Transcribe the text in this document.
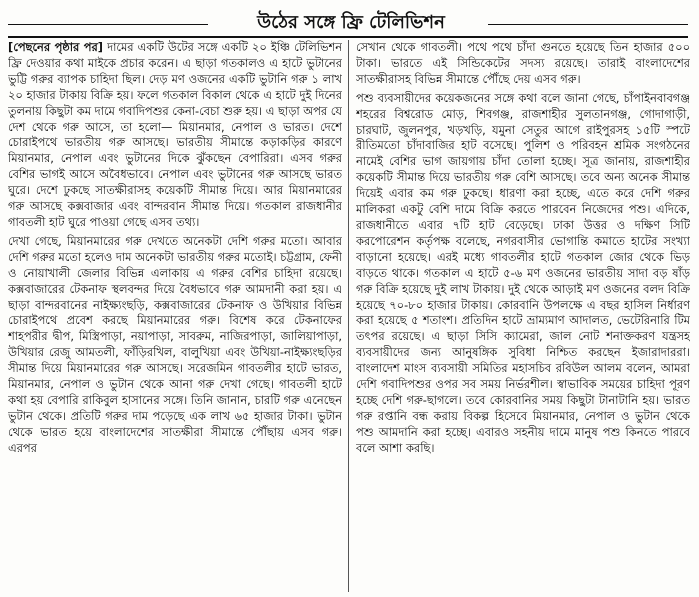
উঠের সঙ্গে ফ্রি টেলিভিশন

[পেছনের পৃষ্ঠার পর] দামের একটি উটের সঙ্গে একটি ২০ ইঞ্চি টেলিভিশন ফ্রি দেওয়ার কথা মাইকে প্রচার করেন। এ ছাড়া গতকালও এ হাটে ভুটানের ভুট্টি গরুর ব্যাপক চাহিদা ছিল। দেড় মণ ওজনের একটি ভুটানি গরু ১ লাখ ২০ হাজার টাকায় বিক্রি হয়। ফলে গতকাল বিকাল থেকে এ হাটে দুই দিনের তুলনায় কিছুটা কম দামে গবাদিপশুর কেনা-বেচা শুরু হয়। এ ছাড়া অপর যে দেশ থেকে গরু আসে, তা হলো— মিয়ানমার, নেপাল ও ভারত। দেশে চোরাইপথে ভারতীয় গরু আসছে। ভারতীয় সীমান্তে কড়াকড়ির কারণে মিয়ানমার, নেপাল এবং ভুটানের দিকে ঝুঁকছেন বেপারিরা। এসব গরুর বেশির ভাগই আসে অবৈধভাবে। নেপাল এবং ভুটানের গরু আসছে ভারত ঘুরে। দেশে ঢুকছে সাতক্ষীরাসহ কয়েকটি সীমান্ত দিয়ে। আর মিয়ানমারের গরু আসছে কক্সবাজার এবং বান্দরবান সীমান্ত দিয়ে। গতকাল রাজধানীর গাবতলী হাট ঘুরে পাওয়া গেছে এসব তথ্য।

দেখা গেছে, মিয়ানমারের গরু দেখতে অনেকটা দেশি গরুর মতো। আবার দেশি গরুর মতো হলেও দাম অনেকটা ভারতীয় গরুর মতোই। চট্টগ্রাম, ফেনী ও নোয়াখালী জেলার বিভিন্ন এলাকায় এ গরুর বেশির চাহিদা রয়েছে। কক্সবাজারের টেকনাফ স্থলবন্দর দিয়ে বৈধভাবে গরু আমদানী করা হয়। এ ছাড়া বান্দরবানের নাইক্ষ্যংছড়ি, কক্সবাজারের টেকনাফ ও উখিয়ার বিভিন্ন চোরাইপথে প্রবেশ করছে মিয়ানমারের গরু। বিশেষ করে টেকনাফের শাহপরীর দ্বীপ, মিস্ত্রিপাড়া, নয়াপাড়া, সাবরুম, নাজিরপাড়া, জালিয়াপাড়া, উখিয়ার রেজু আমতলী, ফাঁড়িরখিল, বালুখিয়া এবং উখিয়া-নাইক্ষ্যংছড়ির সীমান্ত দিয়ে মিয়ানমারের গরু আসছে। সরেজমিন গাবতলীর হাটে ভারত, মিয়ানমার, নেপাল ও ভুটান থেকে আনা গরু দেখা গেছে। গাবতলী হাটে কথা হয় বেপারি রাকিবুল হাসানের সঙ্গে। তিনি জানান, চারটি গরু এনেছেন ভুটান থেকে। প্রতিটি গরুর দাম পড়েছে এক লাখ ৬৫ হাজার টাকা। ভুটান থেকে ভারত হয়ে বাংলাদেশের সাতক্ষীরা সীমান্তে পৌঁছায় এসব গরু। এরপর

সেখান থেকে গাবতলী। পথে পথে চাঁদা গুনতে হয়েছে তিন হাজার ৫০০ টাকা। ভারতে এই সিন্ডিকেটের সদস্য রয়েছে। তারাই বাংলাদেশের সাতক্ষীরাসহ বিভিন্ন সীমান্তে পৌঁছে দেয় এসব গরু।

পশু ব্যবসায়ীদের কয়েকজনের সঙ্গে কথা বলে জানা গেছে, চাঁপাইনবাবগঞ্জ শহরের বিশ্বরোড মোড়, শিবগঞ্জ, রাজশাহীর সুলতানগঞ্জ, গোদাগাড়ী, চারঘাট, জুলনপুর, খড়খড়ি, যমুনা সেতুর আগে রাইপুরসহ ১৫টি স্পটে রীতিমতো চাঁদাবাজির হাট বসেছে। পুলিশ ও পরিবহন শ্রমিক সংগঠনের নামেই বেশির ভাগ জায়গায় চাঁদা তোলা হচ্ছে। সূত্র জানায়, রাজশাহীর কয়েকটি সীমান্ত দিয়ে ভারতীয় গরু বেশি আসছে। তবে অন্য অনেক সীমান্ত দিয়েই এবার কম গরু ঢুকছে। ধারণা করা হচ্ছে, এতে করে দেশি গরুর মালিকরা একটু বেশি দামে বিক্রি করতে পারবেন নিজেদের পশু। এদিকে, রাজধানীতে এবার ৭টি হাট বেড়েছে। ঢাকা উত্তর ও দক্ষিণ সিটি করপোরেশন কর্তৃপক্ষ বলেছে, নগরবাসীর ভোগান্তি কমাতে হাটের সংখ্যা বাড়ানো হয়েছে। এরই মধ্যে গাবতলীর হাটে গতকাল জোর থেকে ভিড় বাড়তে থাকে। গতকাল এ হাটে ৫-৬ মণ ওজনের ভারতীয় সাদা বড় ষাঁড় গরু বিক্রি হয়েছে দুই লাখ টাকায়। দুই থেকে আড়াই মণ ওজনের বলদ বিক্রি হয়েছে ৭০-৮০ হাজার টাকায়। কোরবানি উপলক্ষে এ বছর হাসিল নির্ধারণ করা হয়েছে ৫ শতাংশ। প্রতিদিন হাটে ভ্রাম্যমাণ আদালত, ভেটেরিনারি টিম তৎপর রয়েছে। এ ছাড়া সিসি ক্যামেরা, জাল নোট শনাক্তকরণ যন্ত্রসহ ব্যবসায়ীদের জন্য আনুষঙ্গিক সুবিধা নিশ্চিত করছেন ইজারাদাররা। বাংলাদেশ মাংস ব্যবসায়ী সমিতির মহাসচিব রবিউল আলম বলেন, আমরা দেশি গবাদিপশুর ওপর সব সময় নির্ভরশীল। স্বাভাবিক সময়ের চাহিদা পূরণ হচ্ছে দেশি গরু-ছাগলে। তবে কোরবানির সময় কিছুটা টানাটানি হয়। ভারত গরু রপ্তানি বন্ধ করায় বিকল্প হিসেবে মিয়ানমার, নেপাল ও ভুটান থেকে পশু আমদানি করা হচ্ছে। এবারও সহনীয় দামে মানুষ পশু কিনতে পারবে বলে আশা করছি।
